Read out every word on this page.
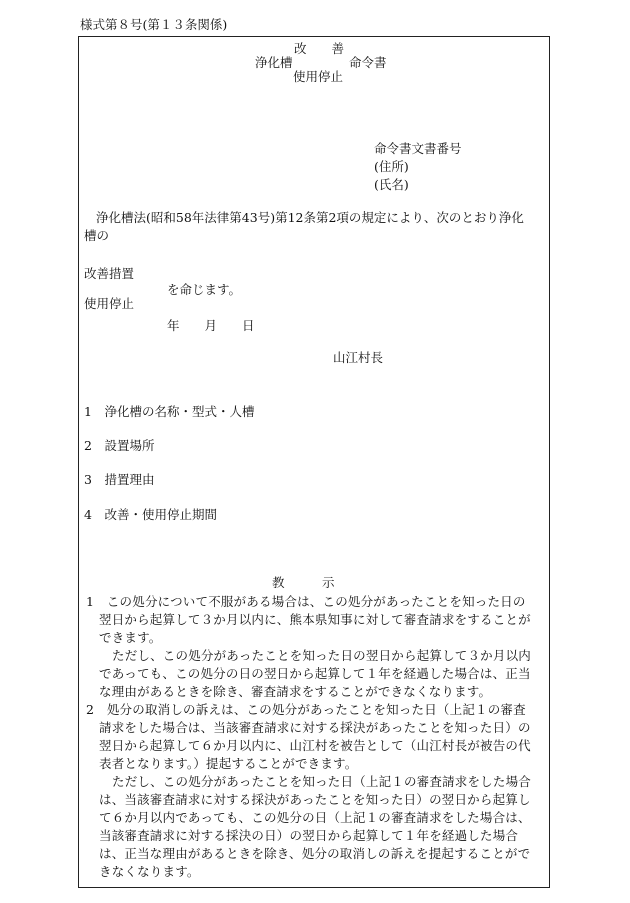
様式第８号(第１３条関係)
改　　善
浄化槽	命令書
使用停止
命令書文書番号
(住所)
(氏名)
浄化槽法(昭和58年法律第43号)第12条第2項の規定により、次のとおり浄化
槽の
改善措置
を命じます。
使用停止
年　　月　　日
山江村長
1　浄化槽の名称・型式・人槽
2　設置場所
3　措置理由
4　改善・使用停止期間
教　　　示
1　この処分について不服がある場合は、この処分があったことを知った日の
翌日から起算して３か月以内に、熊本県知事に対して審査請求をすることが
できます。
ただし、この処分があったことを知った日の翌日から起算して３か月以内
であっても、この処分の日の翌日から起算して１年を経過した場合は、正当
な理由があるときを除き、審査請求をすることができなくなります。
2　処分の取消しの訴えは、この処分があったことを知った日（上記１の審査
請求をした場合は、当該審査請求に対する採決があったことを知った日）の
翌日から起算して６か月以内に、山江村を被告として（山江村長が被告の代
表者となります。）提起することができます。
ただし、この処分があったことを知った日（上記１の審査請求をした場合
は、当該審査請求に対する採決があったことを知った日）の翌日から起算し
て６か月以内であっても、この処分の日（上記１の審査請求をした場合は、
当該審査請求に対する採決の日）の翌日から起算して１年を経過した場合
は、正当な理由があるときを除き、処分の取消しの訴えを提起することがで
きなくなります。
